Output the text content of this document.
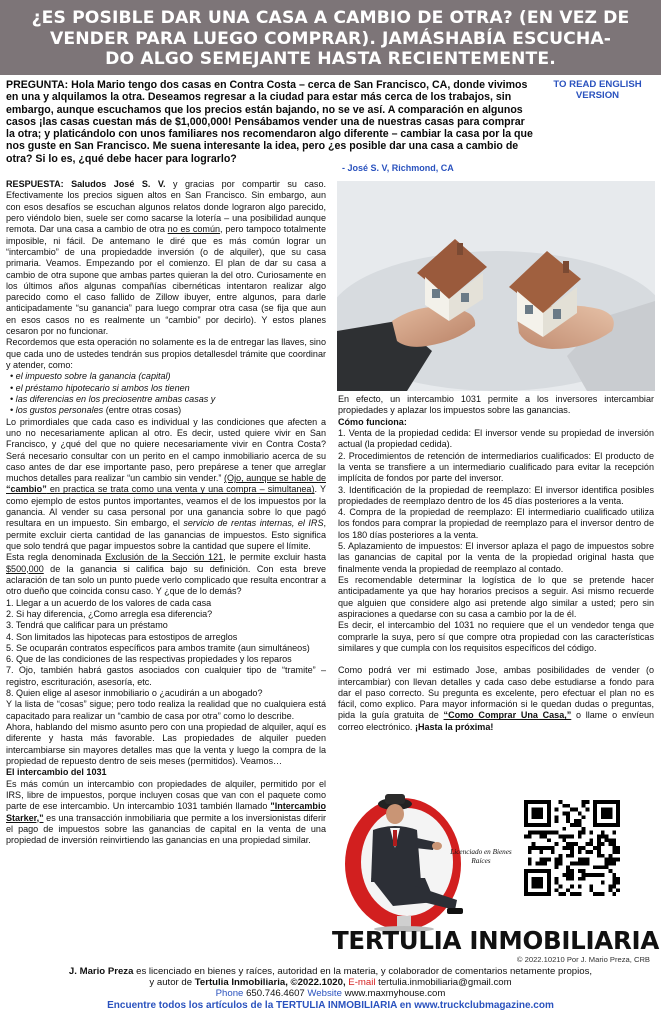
¿ES POSIBLE DAR UNA CASA A CAMBIO DE OTRA? (EN VEZ DE
VENDER PARA LUEGO COMPRAR). JAMÁSHABÍA ESCUCHA-
DO ALGO SEMEJANTE HASTA RECIENTEMENTE.
PREGUNTA: Hola Mario tengo dos casas en Contra Costa – cerca de San Francisco, CA, donde vivimos en una y alquilamos la otra. Deseamos regresar a la ciudad para estar más cerca de los trabajos, sin embargo, aunque escuchamos que los precios están bajando, no se ve así. A comparación en algunos casos ¡las casas cuestan más de $1,000,000! Pensábamos vender una de nuestras casas para comprar la otra; y platicándolo con unos familiares nos recomendaron algo diferente – cambiar la casa por la que nos guste en San Francisco. Me suena interesante la idea, pero ¿es posible dar una casa a cambio de otra? Si lo es, ¿qué debe hacer para lograrlo?
- José S. V, Richmond, CA
TO READ ENGLISH VERSION

RESPUESTA: Saludos José S. V. y gracias por compartir su caso. Efectivamente los precios siguen altos en San Francisco. Sin embargo, aun con esos desafíos se escuchan algunos relatos donde lograron algo parecido, pero viéndolo bien, suele ser como sacarse la lotería – una posibilidad aunque remota. Dar una casa a cambio de otra no es común, pero tampoco totalmente imposible, ni fácil. De antemano le diré que es más común lograr un “intercambio” de una propiedadde inversión (o de alquiler), que su casa primaria. Veamos. Empezando por el comienzo. El plan de dar su casa a cambio de otra supone que ambas partes quieran la del otro. Curiosamente en los últimos años algunas compañías cibernéticas intentaron realizar algo parecido como el caso fallido de Zillow ibuyer, entre algunos, para darle anticipadamente “su ganancia” para luego comprar otra casa (se fija que aun en esos casos no es realmente un “cambio” por decirlo). Y estos planes cesaron por no funcionar.

Recordemos que esta operación no solamente es la de entregar las llaves, sino que cada uno de ustedes tendrán sus propios detallesdel trámite que coordinar y atender, como:

• el impuesto sobre la ganancia (capital)

• el préstamo hipotecario si ambos los tienen

• las diferencias en los preciosentre ambas casas y

• los gustos personales (entre otras cosas)

Lo primordiales que cada caso es individual y las condiciones que afecten a uno no necesariamente aplican al otro. Es decir, usted quiere vivir en San Francisco, y ¿qué del que no quiere necesariamente vivir en Contra Costa? Será necesario consultar con un perito en el campo inmobiliario acerca de su caso antes de dar ese importante paso, pero prepárese a tener que arreglar muchos detalles para realizar “un cambio sin vender.” (Ojo, aunque se hable de “cambio” en practica se trata como una venta y una compra – simultanea). Y como ejemplo de estos puntos importantes, veamos el de los impuestos por la ganancia. Al vender su casa personal por una ganancia sobre lo que pagó resultara en un impuesto. Sin embargo, el servicio de rentas internas, el IRS, permite excluir cierta cantidad de las ganancias de impuestos. Esto significa que solo tendrá que pagar impuestos sobre la cantidad que supere el límite.

Esta regla denominada Exclusión de la Sección 121, le permite excluir hasta $500,000 de la ganancia si califica bajo su definición. Con esta breve aclaración de tan solo un punto puede verlo complicado que resulta encontrar a otro dueño que coincida consu caso. Y ¿que de lo demás?

1. Llegar a un acuerdo de los valores de cada casa

2. Si hay diferencia, ¿Como arregla esa diferencia?

3. Tendrá que calificar para un préstamo

4. Son limitados las hipotecas para estostipos de arreglos

5. Se ocuparán contratos específicos para ambos tramite (aun simultáneos)

6. Que de las condiciones de las respectivas propiedades y los reparos

7. Ojo, también habrá gastos asociados con cualquier tipo de “tramite” – registro, escrituración, asesoría, etc.

8. Quien elige al asesor inmobiliario o ¿acudirán a un abogado?

Y la lista de “cosas” sigue; pero todo realiza la realidad que no cualquiera está capacitado para realizar un “cambio de casa por otra” como lo describe.

Ahora, hablando del mismo asunto pero con una propiedad de alquiler, aquí es diferente y hasta más favorable. Las propiedades de alquiler pueden intercambiarse sin mayores detalles mas que la venta y luego la compra de la propiedad de repuesto dentro de seis meses (permitidos). Veamos…

El intercambio del 1031

Es más común un intercambio con propiedades de alquiler, permitido por el IRS, libre de impuestos, porque incluyen cosas que van con el paquete como parte de ese intercambio. Un intercambio 1031 también llamado "Intercambio Starker," es una transacción inmobiliaria que permite a los inversionistas diferir el pago de impuestos sobre las ganancias de capital en la venta de una propiedad de inversión reinvirtiendo las ganancias en una propiedad similar.

En efecto, un intercambio 1031 permite a los inversores intercambiar propiedades y aplazar los impuestos sobre las ganancias.

Cómo funciona:

1. Venta de la propiedad cedida: El inversor vende su propiedad de inversión actual (la propiedad cedida).

2. Procedimientos de retención de intermediarios cualificados: El producto de la venta se transfiere a un intermediario cualificado para evitar la recepción implícita de fondos por parte del inversor.

3. Identificación de la propiedad de reemplazo: El inversor identifica posibles propiedades de reemplazo dentro de los 45 días posteriores a la venta.

4. Compra de la propiedad de reemplazo: El intermediario cualificado utiliza los fondos para comprar la propiedad de reemplazo para el inversor dentro de los 180 días posteriores a la venta.

5. Aplazamiento de impuestos: El inversor aplaza el pago de impuestos sobre las ganancias de capital por la venta de la propiedad original hasta que finalmente venda la propiedad de reemplazo al contado.

Es recomendable determinar la logística de lo que se pretende hacer anticipadamente ya que hay horarios precisos a seguir. Asi mismo recuerde que alguien que considere algo asi pretende algo similar a usted; pero sin aspiraciones a quedarse con su casa a cambio por la de él.

Es decir, el intercambio del 1031 no requiere que el un vendedor tenga que comprarle la suya, pero sí que compre otra propiedad con las características similares y que cumpla con los requisitos específicos del código.

Como podrá ver mi estimado Jose, ambas posibilidades de vender (o intercambiar) con llevan detalles y cada caso debe estudiarse a fondo para dar el paso correcto. Su pregunta es excelente, pero efectuar el plan no es fácil, como explico. Para mayor información si le quedan dudas o preguntas, pida la guía gratuita de “Como Comprar Una Casa,” o llame o envíeun correo electrónico. ¡Hasta la próxima!

Licenciado en Bienes Raíces
TERTULIA INMOBILIARIA
© 2022.10210 Por J. Mario Preza, CRB
J. Mario Preza es licenciado en bienes y raíces, autoridad en la materia, y colaborador de comentarios netamente propios,
y autor de Tertulia Inmobiliaria, ©2022.1020, E-mail tertulia.inmobiliaria@gmail.com
Phone 650.746.4607 Website www.maxmyhouse.com
Encuentre todos los artículos de la TERTULIA INMOBILIARIA en www.truckclubmagazine.com
